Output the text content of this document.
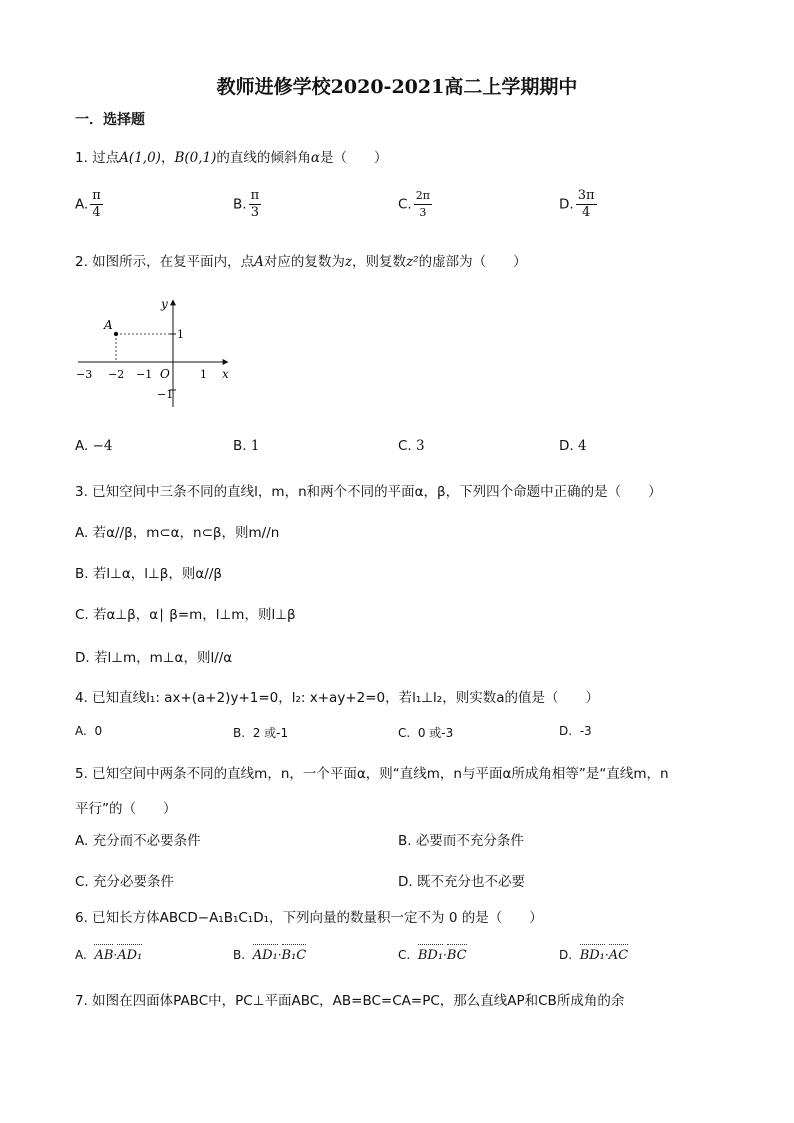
教师进修学校2020-2021高二上学期期中
一．选择题
1. 过点A(1,0)，B(0,1)的直线的倾斜角α是（　　）
A. $\frac{\pi}{4}$	B. $\frac{\pi}{3}$	C. $\frac{2\pi}{3}$	D. $\frac{3\pi}{4}$
2. 如图所示，在复平面内，点A对应的复数为z，则复数z²的虚部为（　　）
A
y
x
1
−1
−3 −2 −1 O	1
A. −4	B. 1	C. 3	D. 4
3. 已知空间中三条不同的直线l，m，n和两个不同的平面α，β，下列四个命题中正确的是（　　）
A. 若α//β，m⊂α，n⊂β，则m//n
B. 若l⊥α，l⊥β，则α//β
C. 若α⊥β，α∣ β=m，l⊥m，则l⊥β
D. 若l⊥m，m⊥α，则l//α
4. 已知直线l₁: ax+(a+2)y+1=0，l₂: x+ay+2=0，若l₁⊥l₂，则实数a的值是（　　）
A. 0	B. 2 或-1	C. 0 或-3	D. -3
5. 已知空间中两条不同的直线m，n，一个平面α，则“直线m，n与平面α所成角相等”是“直线m，n
平行”的（　　）
A. 充分而不必要条件	B. 必要而不充分条件
C. 充分必要条件	D. 既不充分也不必要
6. 已知长方体ABCD−A₁B₁C₁D₁，下列向量的数量积一定不为 0 的是（　　）
A. AB·AD₁	B. AD₁·B₁C	C. BD₁·BC	D. BD₁·AC
7. 如图在四面体PABC中，PC⊥平面ABC，AB=BC=CA=PC，那么直线AP和CB所成角的余
